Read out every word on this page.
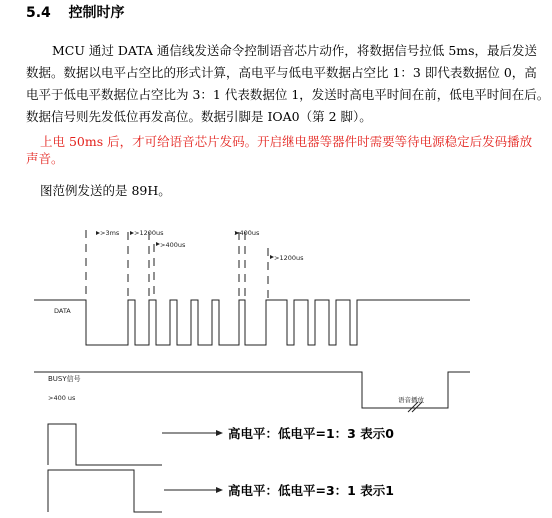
5.4 控制时序
MCU 通过 DATA 通信线发送命令控制语音芯片动作，将数据信号拉低 5ms，最后发送
数据。数据以电平占空比的形式计算，高电平与低电平数据占空比 1：3 即代表数据位 0，高
电平于低电平数据位占空比为 3：1 代表数据位 1，发送时高电平时间在前，低电平时间在后。
数据信号则先发低位再发高位。数据引脚是 IOA0（第 2 脚）。
上电 50ms 后，才可给语音芯片发码。开启继电器等器件时需要等待电源稳定后发码播放
声音。
图范例发送的是 89H。
>3ms >1200us
>400us
>400us
>1200us
DATA
BUSY信号
>400 us	语音播放
高电平：低电平=1：3 表示0
高电平：低电平=3：1 表示1
